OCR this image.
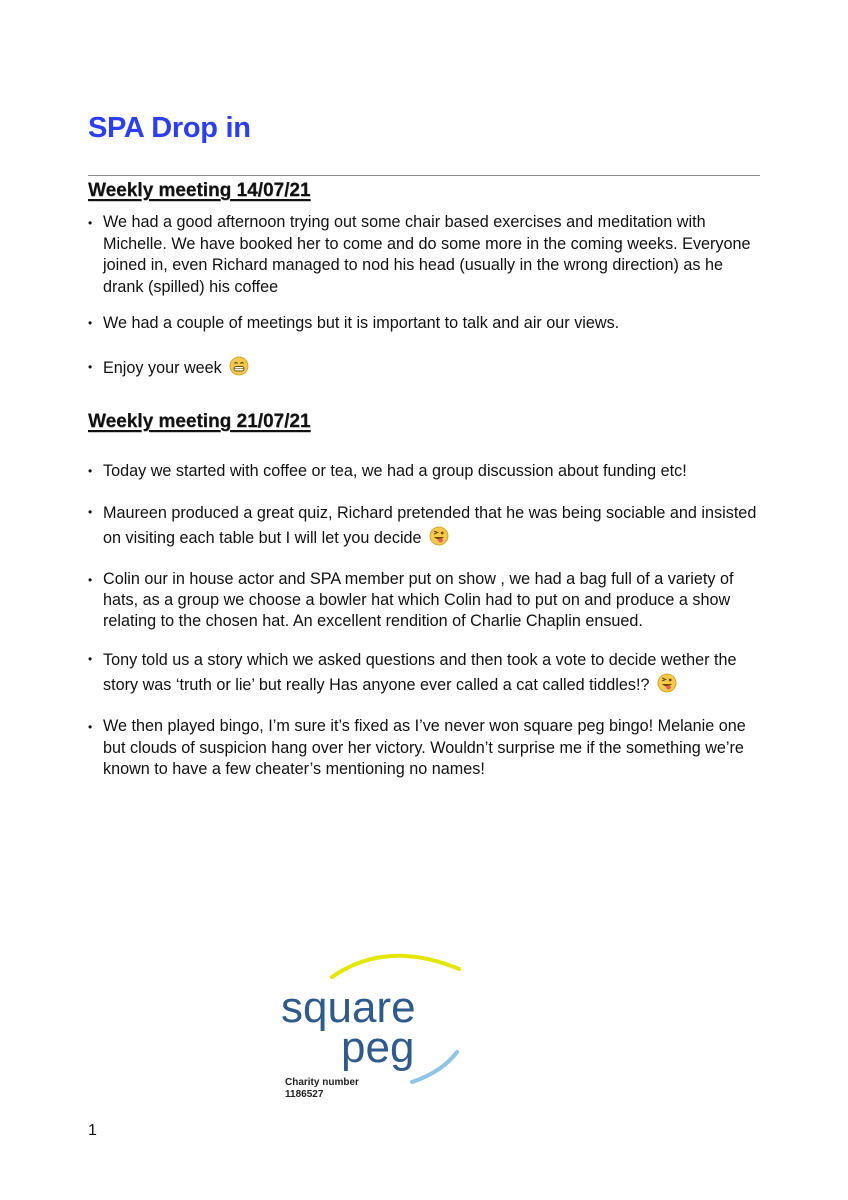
SPA Drop in
Weekly meeting 14/07/21
• We had a good afternoon trying out some chair based exercises and meditation with Michelle. We have booked her to come and do some more in the coming weeks. Everyone joined in, even Richard managed to nod his head (usually in the wrong direction) as he drank (spilled) his coffee
• We had a couple of meetings but it is important to talk and air our views.
• Enjoy your week
Weekly meeting 21/07/21
• Today we started with coffee or tea, we had a group discussion about funding etc!
• Maureen produced a great quiz, Richard pretended that he was being sociable and insisted on visiting each table but I will let you decide
• Colin our in house actor and SPA member put on show , we had a bag full of a variety of hats, as a group we choose a bowler hat which Colin had to put on and produce a show relating to the chosen hat. An excellent rendition of Charlie Chaplin ensued.
• Tony told us a story which we asked questions and then took a vote to decide wether the story was ‘truth or lie’ but really Has anyone ever called a cat called tiddles!?
• We then played bingo, I’m sure it’s fixed as I’ve never won square peg bingo! Melanie one but clouds of suspicion hang over her victory. Wouldn’t surprise me if the something we’re known to have a few cheater’s mentioning no names!
square
peg
Charity number
1186527
1
